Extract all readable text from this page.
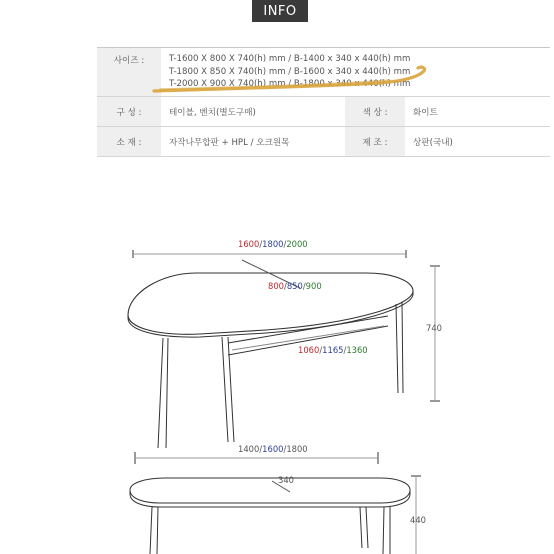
INFO
사이즈 :	T-1600 X 800 X 740(h) mm / B-1400 x 340 x 440(h) mm
T-1800 X 850 X 740(h) mm / B-1600 x 340 x 440(h) mm
T-2000 X 900 X 740(h) mm / B-1800 x 340 x 440(h) mm
구 성 :	테이블, 벤치(별도구매)	색 상 :	화이트
소 재 :	자작나무합판 + HPL / 오크원목	제 조 :	상판(국내)
1600/1800/2000
800/850/900
1060/1165/1360
740
1400/1600/1800
340
440
